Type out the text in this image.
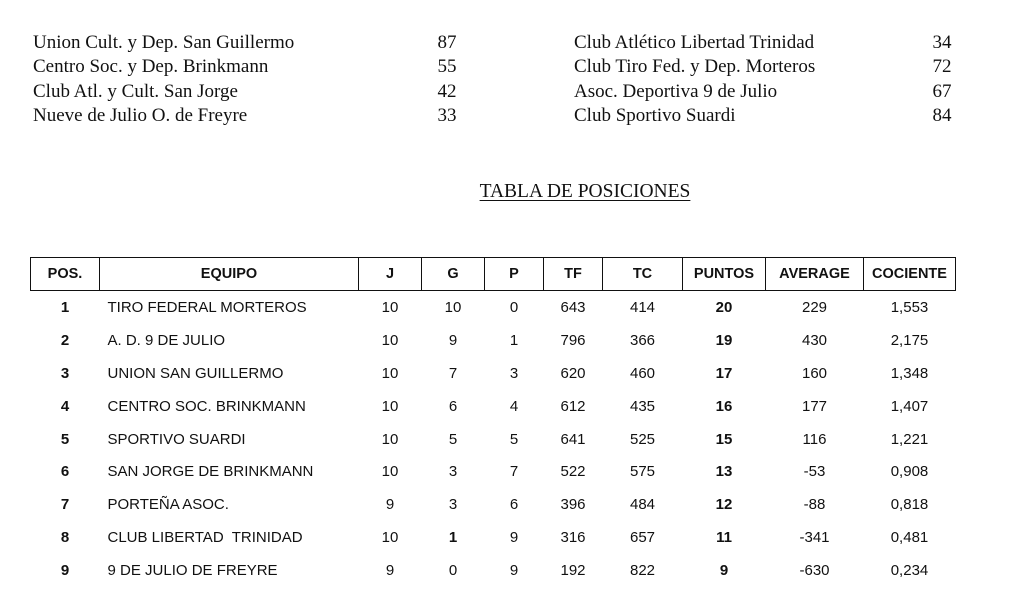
Union Cult. y Dep. San Guillermo	87
Centro Soc. y Dep. Brinkmann	55
Club Atl. y Cult. San Jorge	42
Nueve de Julio O. de Freyre	33
Club Atlético Libertad Trinidad	34
Club Tiro Fed. y Dep. Morteros	72
Asoc. Deportiva 9 de Julio	67
Club Sportivo Suardi	84
TABLA DE POSICIONES
POS.	EQUIPO	J	G	P	TF	TC	PUNTOS	AVERAGE	COCIENTE
1	TIRO FEDERAL MORTEROS	10	10	0	643	414	20	229	1,553
2	A. D. 9 DE JULIO	10	9	1	796	366	19	430	2,175
3	UNION SAN GUILLERMO	10	7	3	620	460	17	160	1,348
4	CENTRO SOC. BRINKMANN	10	6	4	612	435	16	177	1,407
5	SPORTIVO SUARDI	10	5	5	641	525	15	116	1,221
6	SAN JORGE DE BRINKMANN	10	3	7	522	575	13	-53	0,908
7	PORTEÑA ASOC.	9	3	6	396	484	12	-88	0,818
8	CLUB LIBERTAD  TRINIDAD	10	1	9	316	657	11	-341	0,481
9	9 DE JULIO DE FREYRE	9	0	9	192	822	9	-630	0,234
